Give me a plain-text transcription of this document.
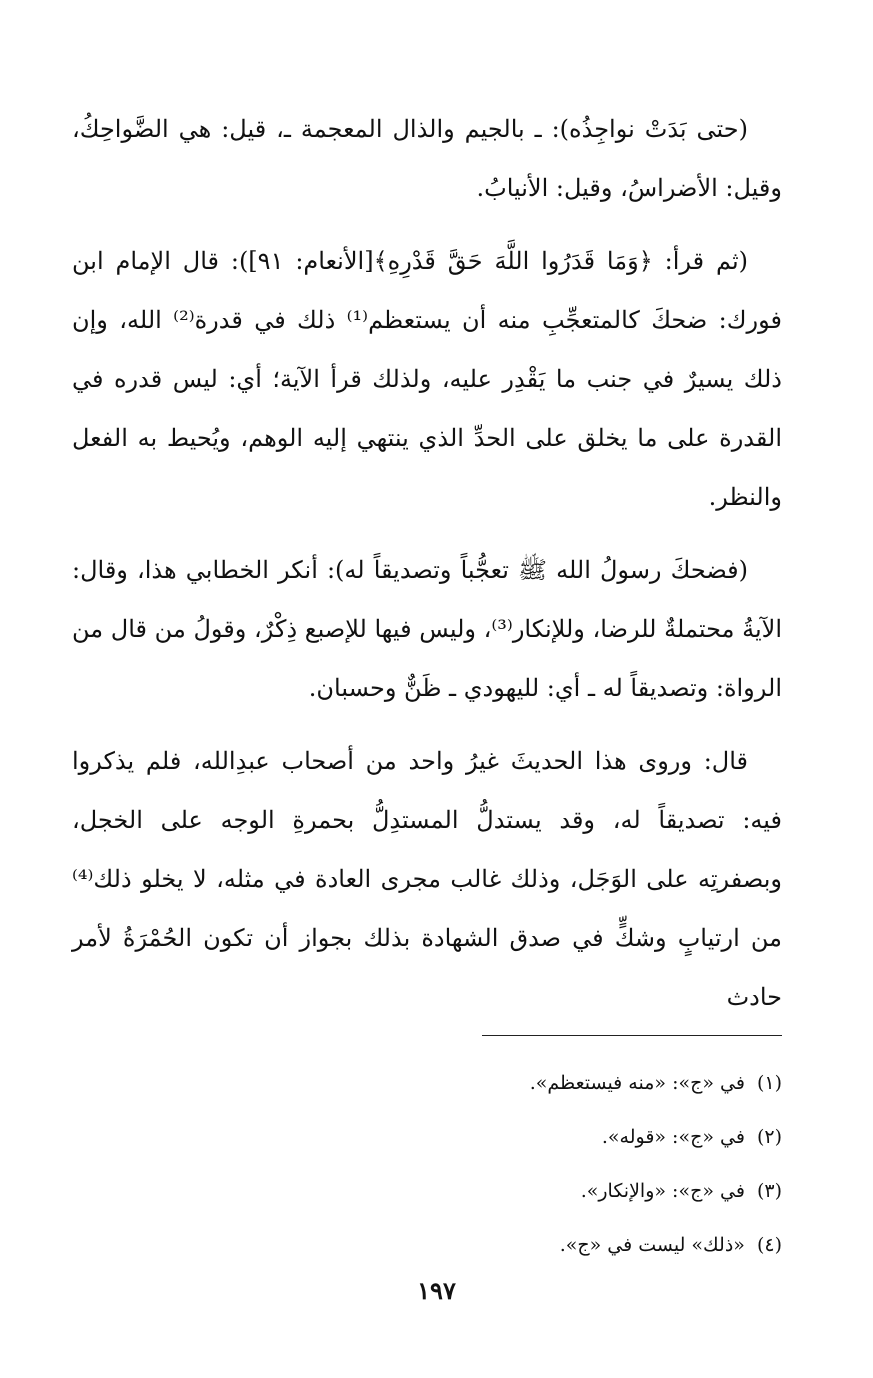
(حتى بَدَتْ نواجِذُه): ـ بالجيم والذال المعجمة ـ، قيل: هي الضَّواحِكُ، وقيل: الأضراسُ، وقيل: الأنيابُ.

(ثم قرأ: ﴿وَمَا قَدَرُوا اللَّهَ حَقَّ قَدْرِهِ﴾[الأنعام: ٩١]): قال الإمام ابن فورك: ضحكَ كالمتعجِّبِ منه أن يستعظم⁽¹⁾ ذلك في قدرة⁽²⁾ الله، وإن ذلك يسيرٌ في جنب ما يَقْدِر عليه، ولذلك قرأ الآية؛ أي: ليس قدره في القدرة على ما يخلق على الحدِّ الذي ينتهي إليه الوهم، ويُحيط به الفعل والنظر.

(فضحكَ رسولُ الله ﷺ تعجُّباً وتصديقاً له): أنكر الخطابي هذا، وقال: الآيةُ محتملةٌ للرضا، وللإنكار⁽³⁾، وليس فيها للإصبع ذِكْرٌ، وقولُ من قال من الرواة: وتصديقاً له ـ أي: لليهودي ـ ظَنٌّ وحسبان.

قال: وروى هذا الحديثَ غيرُ واحد من أصحاب عبدِالله، فلم يذكروا فيه: تصديقاً له، وقد يستدلُّ المستدِلُّ بحمرةِ الوجه على الخجل، وبصفرتِه على الوَجَل، وذلك غالب مجرى العادة في مثله، لا يخلو ذلك⁽⁴⁾ من ارتيابٍ وشكٍّ في صدق الشهادة بذلك بجواز أن تكون الحُمْرَةُ لأمر حادث

(١)في «ج»: «منه فيستعظم».
(٢)في «ج»: «قوله».
(٣)في «ج»: «والإنكار».
(٤)«ذلك» ليست في «ج».
١٩٧
